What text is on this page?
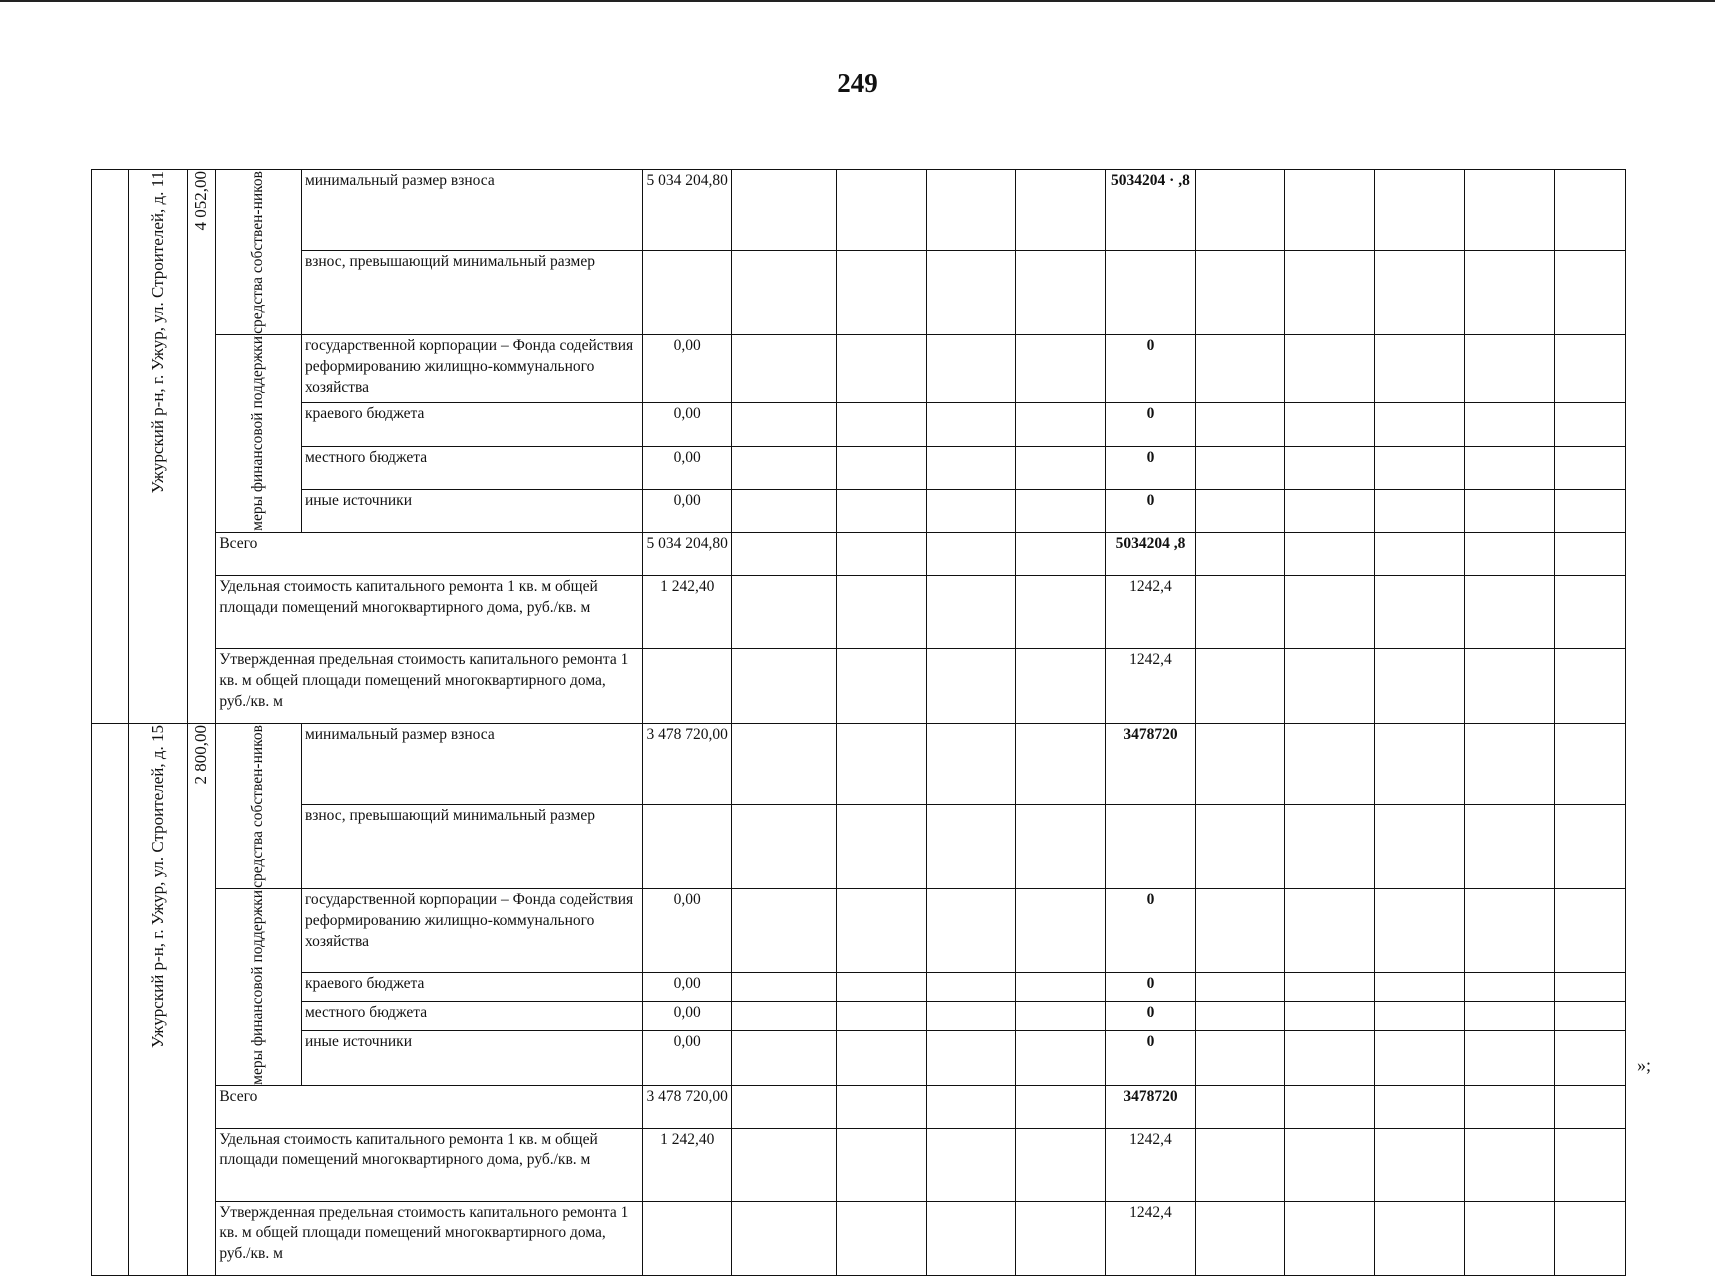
249

	Ужурский р-н, г. Ужур, ул. Строителей, д. 11	4 052,00	средства собствен-ников	минимальный размер взноса	5 034 204,80					5034204 · ,8					
				взнос, превышающий минимальный размер											

			меры финансовой поддержки	государственной корпорации – Фонда содействия реформированию жилищно-коммунального хозяйства	0,00					0					
				краевого бюджета	0,00					0					
				местного бюджета	0,00					0					
				иные источники	0,00					0					
			Всего		5 034 204,80					5034204 ,8					
			Удельная стоимость капитального ремонта 1 кв. м общей площади помещений многоквартирного дома, руб./кв. м		1 242,40					1242,4					
			Утвержденная предельная стоимость капитального ремонта 1 кв. м общей площади помещений многоквартирного дома, руб./кв. м							1242,4					

	Ужурский р-н, г. Ужур, ул. Строителей, д. 15	2 800,00	средства собствен-ников	минимальный размер взноса	3 478 720,00					3478720					
				взнос, превышающий минимальный размер											

			меры финансовой поддержки	государственной корпорации – Фонда содействия реформированию жилищно-коммунального хозяйства	0,00					0					
				краевого бюджета	0,00					0					
				местного бюджета	0,00					0					
				иные источники	0,00					0					
			Всего		3 478 720,00					3478720					
			Удельная стоимость капитального ремонта 1 кв. м общей площади помещений многоквартирного дома, руб./кв. м		1 242,40					1242,4					
			Утвержденная предельная стоимость капитального ремонта 1 кв. м общей площади помещений многоквартирного дома, руб./кв. м							1242,4					
»;
